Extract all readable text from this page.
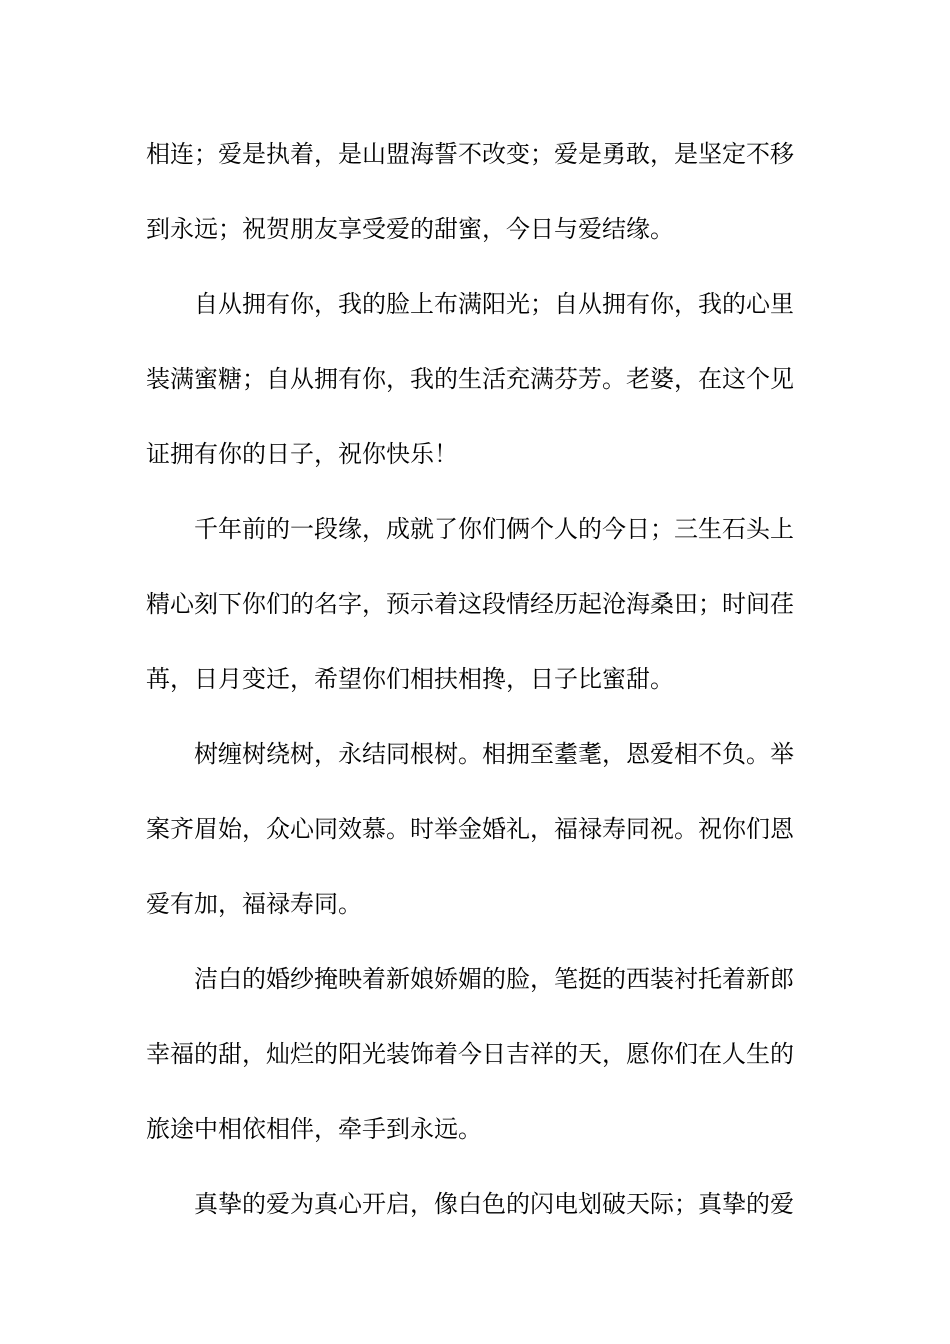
相连；爱是执着，是山盟海誓不改变；爱是勇敢，是坚定不移
到永远；祝贺朋友享受爱的甜蜜，今日与爱结缘。
自从拥有你，我的脸上布满阳光；自从拥有你，我的心里
装满蜜糖；自从拥有你，我的生活充满芬芳。老婆，在这个见
证拥有你的日子，祝你快乐！
千年前的一段缘，成就了你们俩个人的今日；三生石头上
精心刻下你们的名字，预示着这段情经历起沧海桑田；时间荏
苒，日月变迁，希望你们相扶相搀，日子比蜜甜。
树缠树绕树，永结同根树。相拥至耋耄，恩爱相不负。举
案齐眉始，众心同效慕。时举金婚礼，福禄寿同祝。祝你们恩
爱有加，福禄寿同。
洁白的婚纱掩映着新娘娇媚的脸，笔挺的西装衬托着新郎
幸福的甜，灿烂的阳光装饰着今日吉祥的天，愿你们在人生的
旅途中相依相伴，牵手到永远。
真挚的爱为真心开启，像白色的闪电划破天际；真挚的爱
